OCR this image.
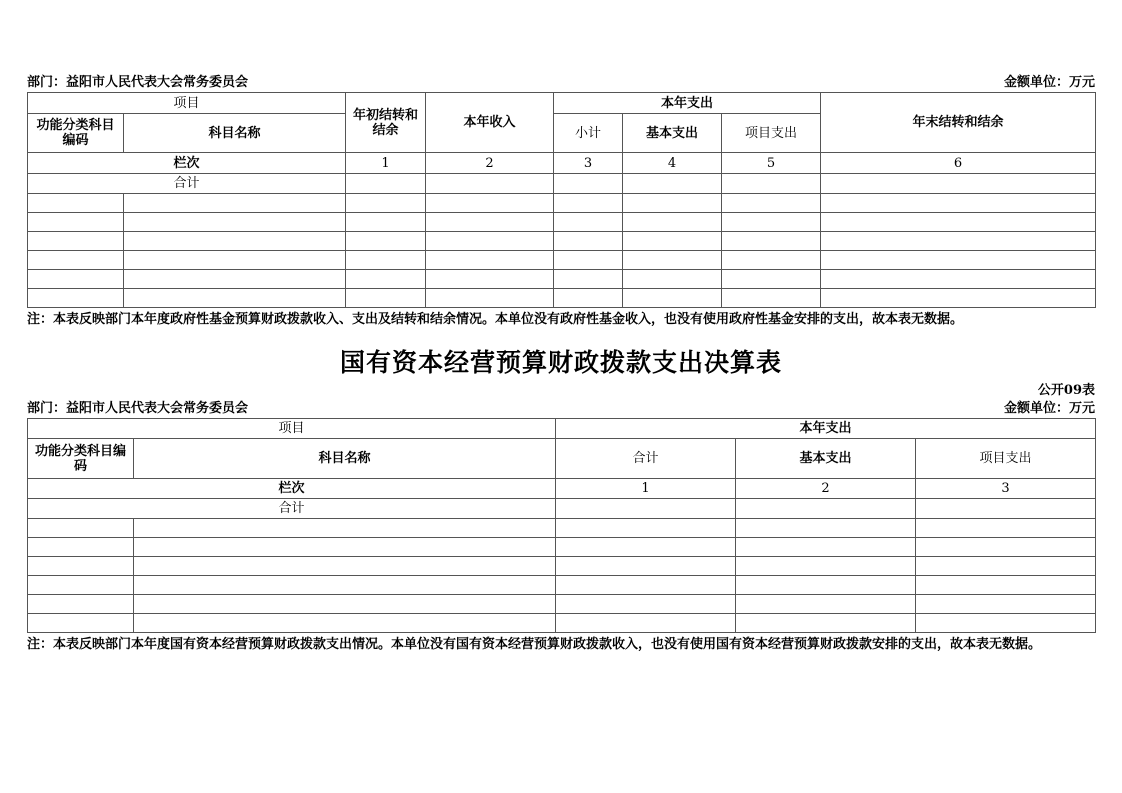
部门：益阳市人民代表大会常务委员会	金额单位：万元
项目		年初结转和结余	本年收入	本年支出			年末结转和结余
功能分类科目编码	科目名称			小计	基本支出	项目支出	
栏次		1	2	3	4	5	6
合计							

注：本表反映部门本年度政府性基金预算财政拨款收入、支出及结转和结余情况。本单位没有政府性基金收入，也没有使用政府性基金安排的支出，故本表无数据。
国有资本经营预算财政拨款支出决算表
公开09表
部门：益阳市人民代表大会常务委员会	金额单位：万元
项目		本年支出		
功能分类科目编码	科目名称	合计	基本支出	项目支出
栏次		1	2	3
合计				

注：本表反映部门本年度国有资本经营预算财政拨款支出情况。本单位没有国有资本经营预算财政拨款收入，也没有使用国有资本经营预算财政拨款安排的支出，故本表无数据。
